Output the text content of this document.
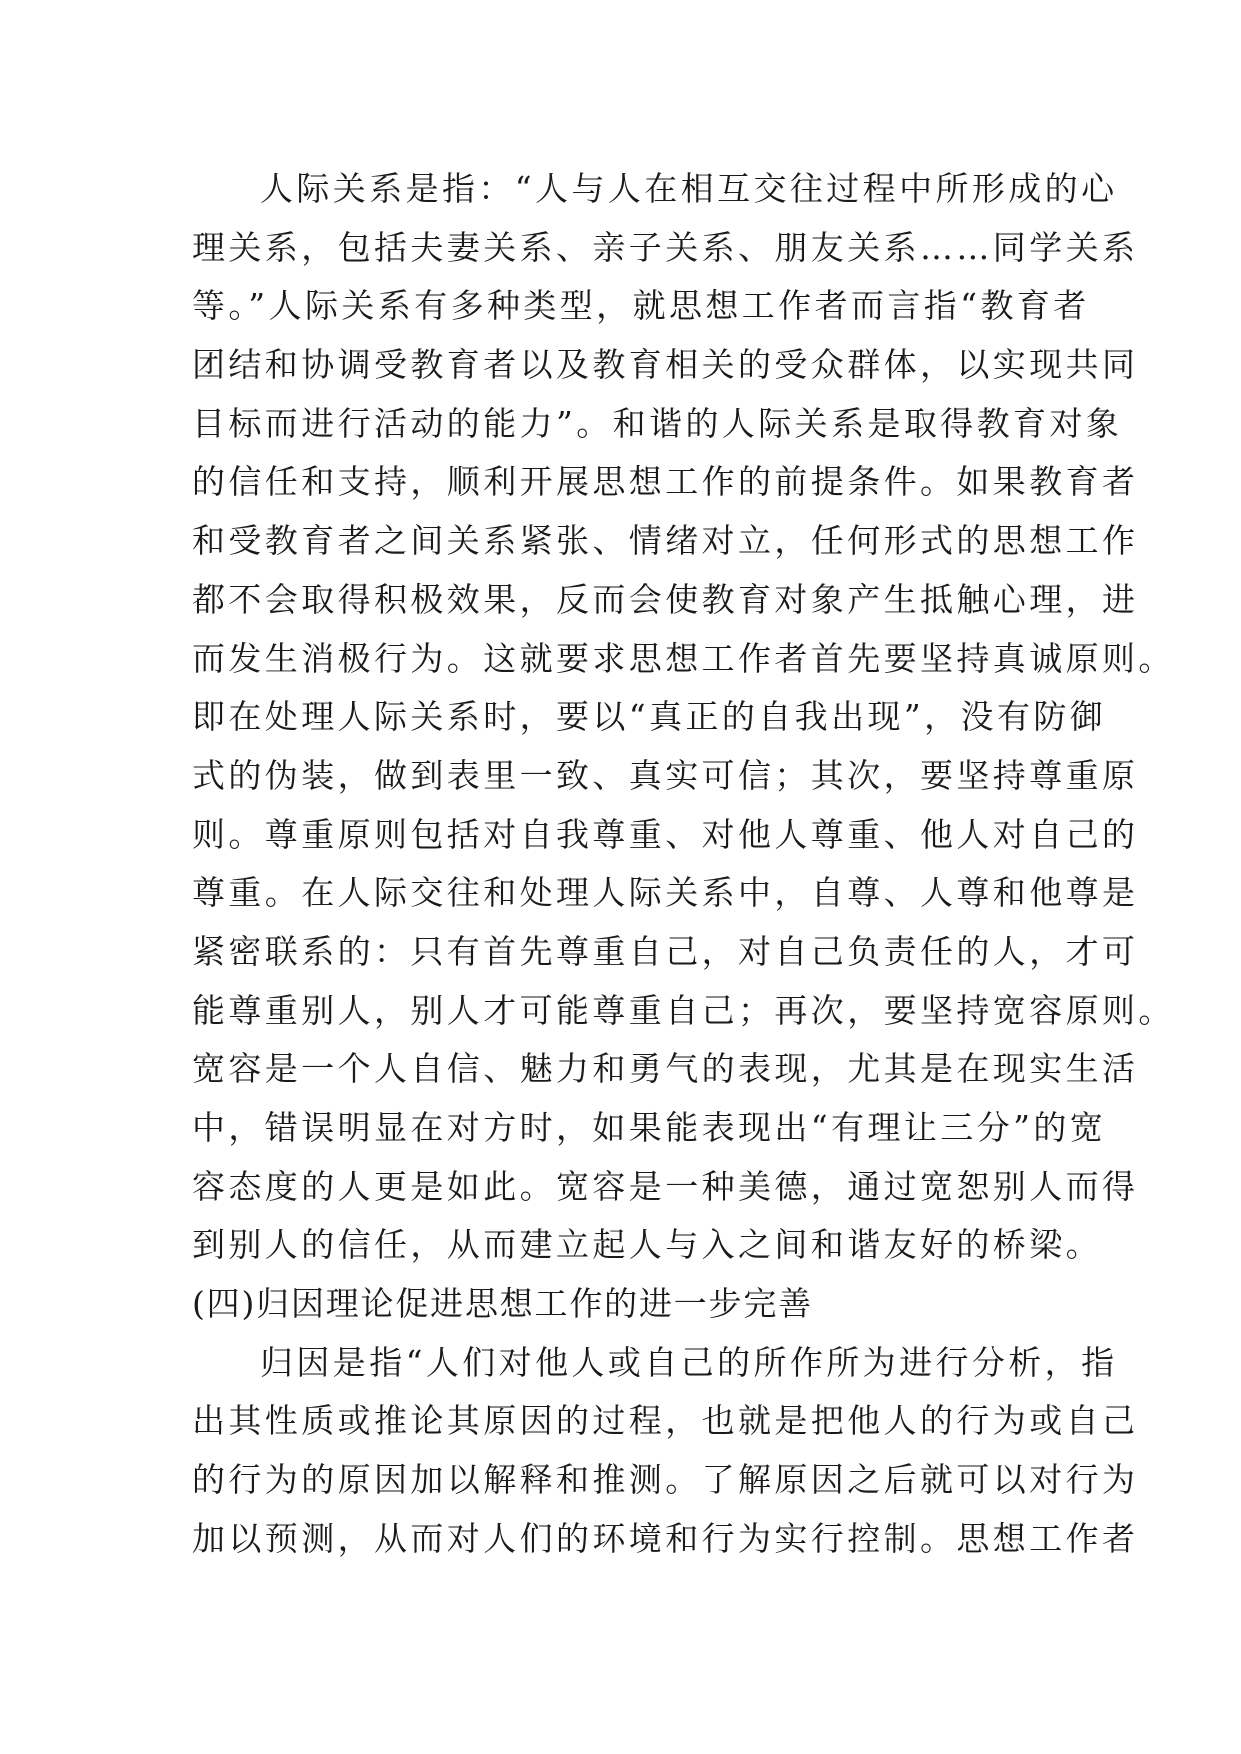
人际关系是指：“人与人在相互交往过程中所形成的心
理关系，包括夫妻关系、亲子关系、朋友关系……同学关系
等。”人际关系有多种类型，就思想工作者而言指“教育者
团结和协调受教育者以及教育相关的受众群体，以实现共同
目标而进行活动的能力”。和谐的人际关系是取得教育对象
的信任和支持，顺利开展思想工作的前提条件。如果教育者
和受教育者之间关系紧张、情绪对立，任何形式的思想工作
都不会取得积极效果，反而会使教育对象产生抵触心理，进
而发生消极行为。这就要求思想工作者首先要坚持真诚原则。
即在处理人际关系时，要以“真正的自我出现”，没有防御
式的伪装，做到表里一致、真实可信；其次，要坚持尊重原
则。尊重原则包括对自我尊重、对他人尊重、他人对自己的
尊重。在人际交往和处理人际关系中，自尊、人尊和他尊是
紧密联系的：只有首先尊重自己，对自己负责任的人，才可
能尊重别人，别人才可能尊重自己；再次，要坚持宽容原则。
宽容是一个人自信、魅力和勇气的表现，尤其是在现实生活
中，错误明显在对方时，如果能表现出“有理让三分”的宽
容态度的人更是如此。宽容是一种美德，通过宽恕别人而得
到别人的信任，从而建立起人与入之间和谐友好的桥梁。
(四)归因理论促进思想工作的进一步完善
归因是指“人们对他人或自己的所作所为进行分析，指
出其性质或推论其原因的过程，也就是把他人的行为或自己
的行为的原因加以解释和推测。了解原因之后就可以对行为
加以预测，从而对人们的环境和行为实行控制。思想工作者
